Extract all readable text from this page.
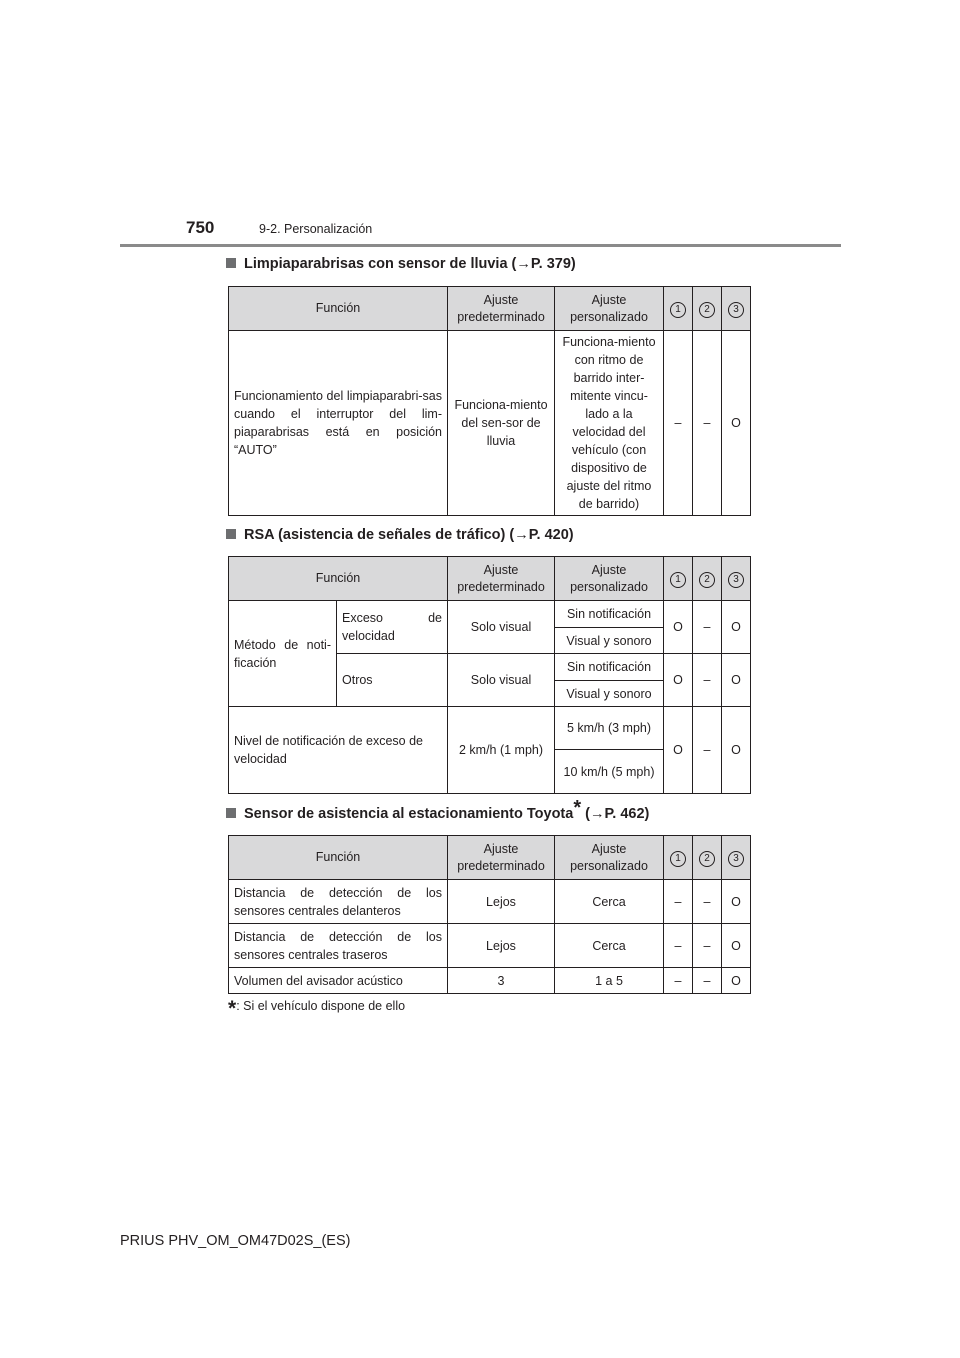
750	9-2. Personalización
Limpiaparabrisas con sensor de lluvia (→P. 379)
Función	Ajuste predeterminado	Ajuste personalizado	1	2	3
Funcionamiento del limpiaparabri-sas cuando el interruptor del lim-piaparabrisas está en posición “AUTO”	Funciona-miento del sen-sor de lluvia	Funciona-miento con ritmo de barrido inter-mitente vincu-lado a la velocidad del vehículo (con dispositivo de ajuste del ritmo de barrido)	–	–	O
RSA (asistencia de señales de tráfico) (→P. 420)
Función		Ajuste predeterminado	Ajuste personalizado	1	2	3
Método de noti-ficación	Exceso de velocidad	Solo visual	Sin notificación	O	–	O
			Visual y sonoro			
	Otros	Solo visual	Sin notificación	O	–	O
			Visual y sonoro			
Nivel de notificación de exceso de velocidad		2 km/h (1 mph)	5 km/h (3 mph)	O	–	O
			10 km/h (5 mph)			
Sensor de asistencia al estacionamiento Toyota* (→P. 462)
Función	Ajuste predeterminado	Ajuste personalizado	1	2	3
Distancia de detección de los sensores centrales delanteros	Lejos	Cerca	–	–	O
Distancia de detección de los sensores centrales traseros	Lejos	Cerca	–	–	O
Volumen del avisador acústico	3	1 a 5	–	–	O
*: Si el vehículo dispone de ello
PRIUS PHV_OM_OM47D02S_(ES)
